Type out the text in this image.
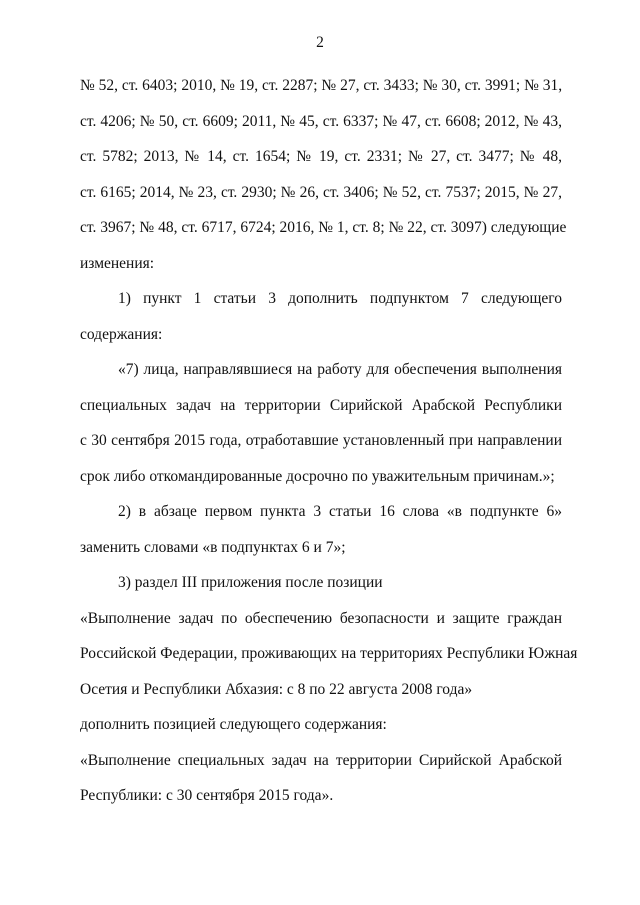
2
№ 52, ст. 6403; 2010, № 19, ст. 2287; № 27, ст. 3433; № 30, ст. 3991; № 31,
ст. 4206; № 50, ст. 6609; 2011, № 45, ст. 6337; № 47, ст. 6608; 2012, № 43,
ст. 5782; 2013, № 14, ст. 1654; № 19, ст. 2331; № 27, ст. 3477; № 48,
ст. 6165; 2014, № 23, ст. 2930; № 26, ст. 3406; № 52, ст. 7537; 2015, № 27,
ст. 3967; № 48, ст. 6717, 6724; 2016, № 1, ст. 8; № 22, ст. 3097) следующие
изменения:
1) пункт 1 статьи 3 дополнить подпунктом 7 следующего
содержания:
«7) лица, направлявшиеся на работу для обеспечения выполнения
специальных задач на территории Сирийской Арабской Республики
с 30 сентября 2015 года, отработавшие установленный при направлении
срок либо откомандированные досрочно по уважительным причинам.»;
2) в абзаце первом пункта 3 статьи 16 слова «в подпункте 6»
заменить словами «в подпунктах 6 и 7»;
3) раздел III приложения после позиции
«Выполнение задач по обеспечению безопасности и защите граждан
Российской Федерации, проживающих на территориях Республики Южная
Осетия и Республики Абхазия: с 8 по 22 августа 2008 года»
дополнить позицией следующего содержания:
«Выполнение специальных задач на территории Сирийской Арабской
Республики: с 30 сентября 2015 года».
